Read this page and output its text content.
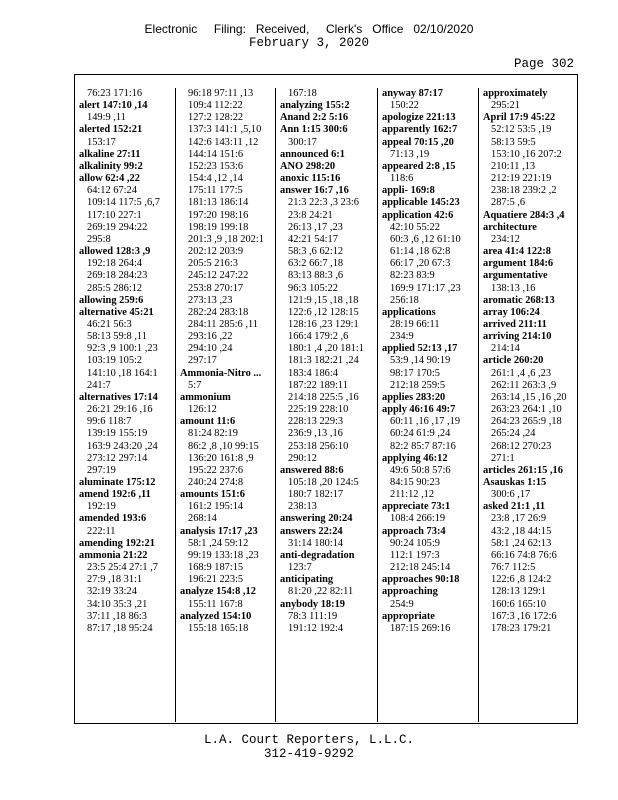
Electronic     Filing:   Received,     Clerk's   Office   02/10/2020
February 3, 2020
Page 302
76:23 171:16
alert 147:10 ,14
149:9 ,11
alerted 152:21
153:17
alkaline 27:11
alkalinity 99:2
allow 62:4 ,22
64:12 67:24
109:14 117:5 ,6,7
117:10 227:1
269:19 294:22
295:8
allowed 128:3 ,9
192:18 264:4
269:18 284:23
285:5 286:12
allowing 259:6
alternative 45:21
46:21 56:3
58:13 59:8 ,11
92:3 ,9 100:1 ,23
103:19 105:2
141:10 ,18 164:1
241:7
alternatives 17:14
26:21 29:16 ,16
99:6 118:7
139:19 155:19
163:9 243:20 ,24
273:12 297:14
297:19
aluminate 175:12
amend 192:6 ,11
192:19
amended 193:6
222:11
amending 192:21
ammonia 21:22
23:5 25:4 27:1 ,7
27:9 ,18 31:1
32:19 33:24
34:10 35:3 ,21
37:11 ,18 86:3
87:17 ,18 95:24
96:18 97:11 ,13
109:4 112:22
127:2 128:22
137:3 141:1 ,5,10
142:6 143:11 ,12
144:14 151:6
152:23 153:6
154:4 ,12 ,14
175:11 177:5
181:13 186:14
197:20 198:16
198:19 199:18
201:3 ,9 ,18 202:1
202:12 203:9
205:5 216:3
245:12 247:22
253:8 270:17
273:13 ,23
282:24 283:18
284:11 285:6 ,11
293:16 ,22
294:10 ,24
297:17
Ammonia-Nitro ...
5:7
ammonium
126:12
amount 11:6
81:24 82:19
86:2 ,8 ,10 99:15
136:20 161:8 ,9
195:22 237:6
240:24 274:8
amounts 151:6
161:2 195:14
268:14
analysis 17:17 ,23
58:1 ,24 59:12
99:19 133:18 ,23
168:9 187:15
196:21 223:5
analyze 154:8 ,12
155:11 167:8
analyzed 154:10
155:18 165:18
167:18
analyzing 155:2
Anand 2:2 5:16
Ann 1:15 300:6
300:17
announced 6:1
ANO 298:20
anoxic 115:16
answer 16:7 ,16
21:3 22:3 ,3 23:6
23:8 24:21
26:13 ,17 ,23
42:21 54:17
58:3 ,6 62:12
63:2 66:7 ,18
83:13 88:3 ,6
96:3 105:22
121:9 ,15 ,18 ,18
122:6 ,12 128:15
128:16 ,23 129:1
166:4 179:2 ,6
180:1 ,4 ,20 181:1
181:3 182:21 ,24
183:4 186:4
187:22 189:11
214:18 225:5 ,16
225:19 228:10
228:13 229:3
236:9 ,13 ,16
253:18 256:10
290:12
answered 88:6
105:18 ,20 124:5
180:7 182:17
238:13
answering 20:24
answers 22:24
31:14 180:14
anti-degradation
123:7
anticipating
81:20 ,22 82:11
anybody 18:19
78:3 111:19
191:12 192:4
anyway 87:17
150:22
apologize 221:13
apparently 162:7
appeal 70:15 ,20
71:13 ,19
appeared 2:8 ,15
118:6
appli- 169:8
applicable 145:23
application 42:6
42:10 55:22
60:3 ,6 ,12 61:10
61:14 ,18 62:8
66:17 ,20 67:3
82:23 83:9
169:9 171:17 ,23
256:18
applications
28:19 66:11
234:9
applied 52:13 ,17
53:9 ,14 90:19
98:17 170:5
212:18 259:5
applies 283:20
apply 46:16 49:7
60:11 ,16 ,17 ,19
60:24 61:9 ,24
82:2 85:7 87:16
applying 46:12
49:6 50:8 57:6
84:15 90:23
211:12 ,12
appreciate 73:1
108:4 266:19
approach 73:4
90:24 105:9
112:1 197:3
212:18 245:14
approaches 90:18
approaching
254:9
appropriate
187:15 269:16
approximately
295:21
April 17:9 45:22
52:12 53:5 ,19
58:13 59:5
153:10 ,16 207:2
210:11 ,13
212:19 221:19
238:18 239:2 ,2
287:5 ,6
Aquatiere 284:3 ,4
architecture
234:12
area 41:4 122:8
argument 184:6
argumentative
138:13 ,16
aromatic 268:13
array 106:24
arrived 211:11
arriving 214:10
214:14
article 260:20
261:1 ,4 ,6 ,23
262:11 263:3 ,9
263:14 ,15 ,16 ,20
263:23 264:1 ,10
264:23 265:9 ,18
265:24 ,24
268:12 270:23
271:1
articles 261:15 ,16
Asauskas 1:15
300:6 ,17
asked 21:1 ,11
23:8 ,17 26:9
43:2 ,18 44:15
58:1 ,24 62:13
66:16 74:8 76:6
76:7 112:5
122:6 ,8 124:2
128:13 129:1
160:6 165:10
167:3 ,16 172:6
178:23 179:21
L.A. Court Reporters, L.L.C.
312-419-9292
